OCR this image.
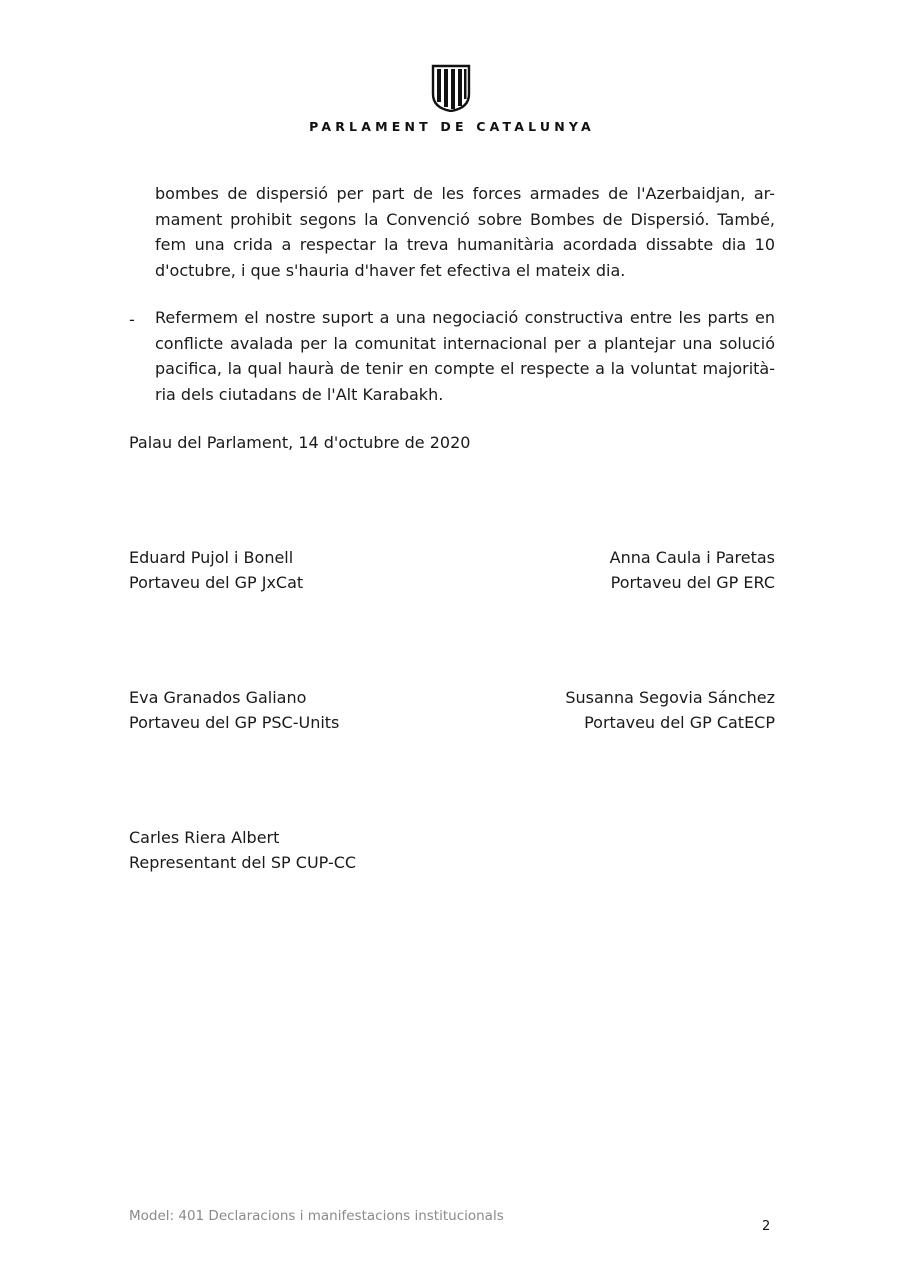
PARLAMENT DE CATALUNYA
bombes de dispersió per part de les forces armades de l'Azerbaidjan, ar-
mament prohibit segons la Convenció sobre Bombes de Dispersió. També,
fem una crida a respectar la treva humanitària acordada dissabte dia 10
d'octubre, i que s'hauria d'haver fet efectiva el mateix dia.
- Refermem el nostre suport a una negociació constructiva entre les parts en
conflicte avalada per la comunitat internacional per a plantejar una solució
pacifica, la qual haurà de tenir en compte el respecte a la voluntat majorità-
ria dels ciutadans de l'Alt Karabakh.
Palau del Parlament, 14 d'octubre de 2020
Eduard Pujol i Bonell
Portaveu del GP JxCat
Anna Caula i Paretas
Portaveu del GP ERC
Eva Granados Galiano
Portaveu del GP PSC-Units
Susanna Segovia Sánchez
Portaveu del GP CatECP
Carles Riera Albert
Representant del SP CUP-CC
Model: 401 Declaracions i manifestacions institucionals
2
